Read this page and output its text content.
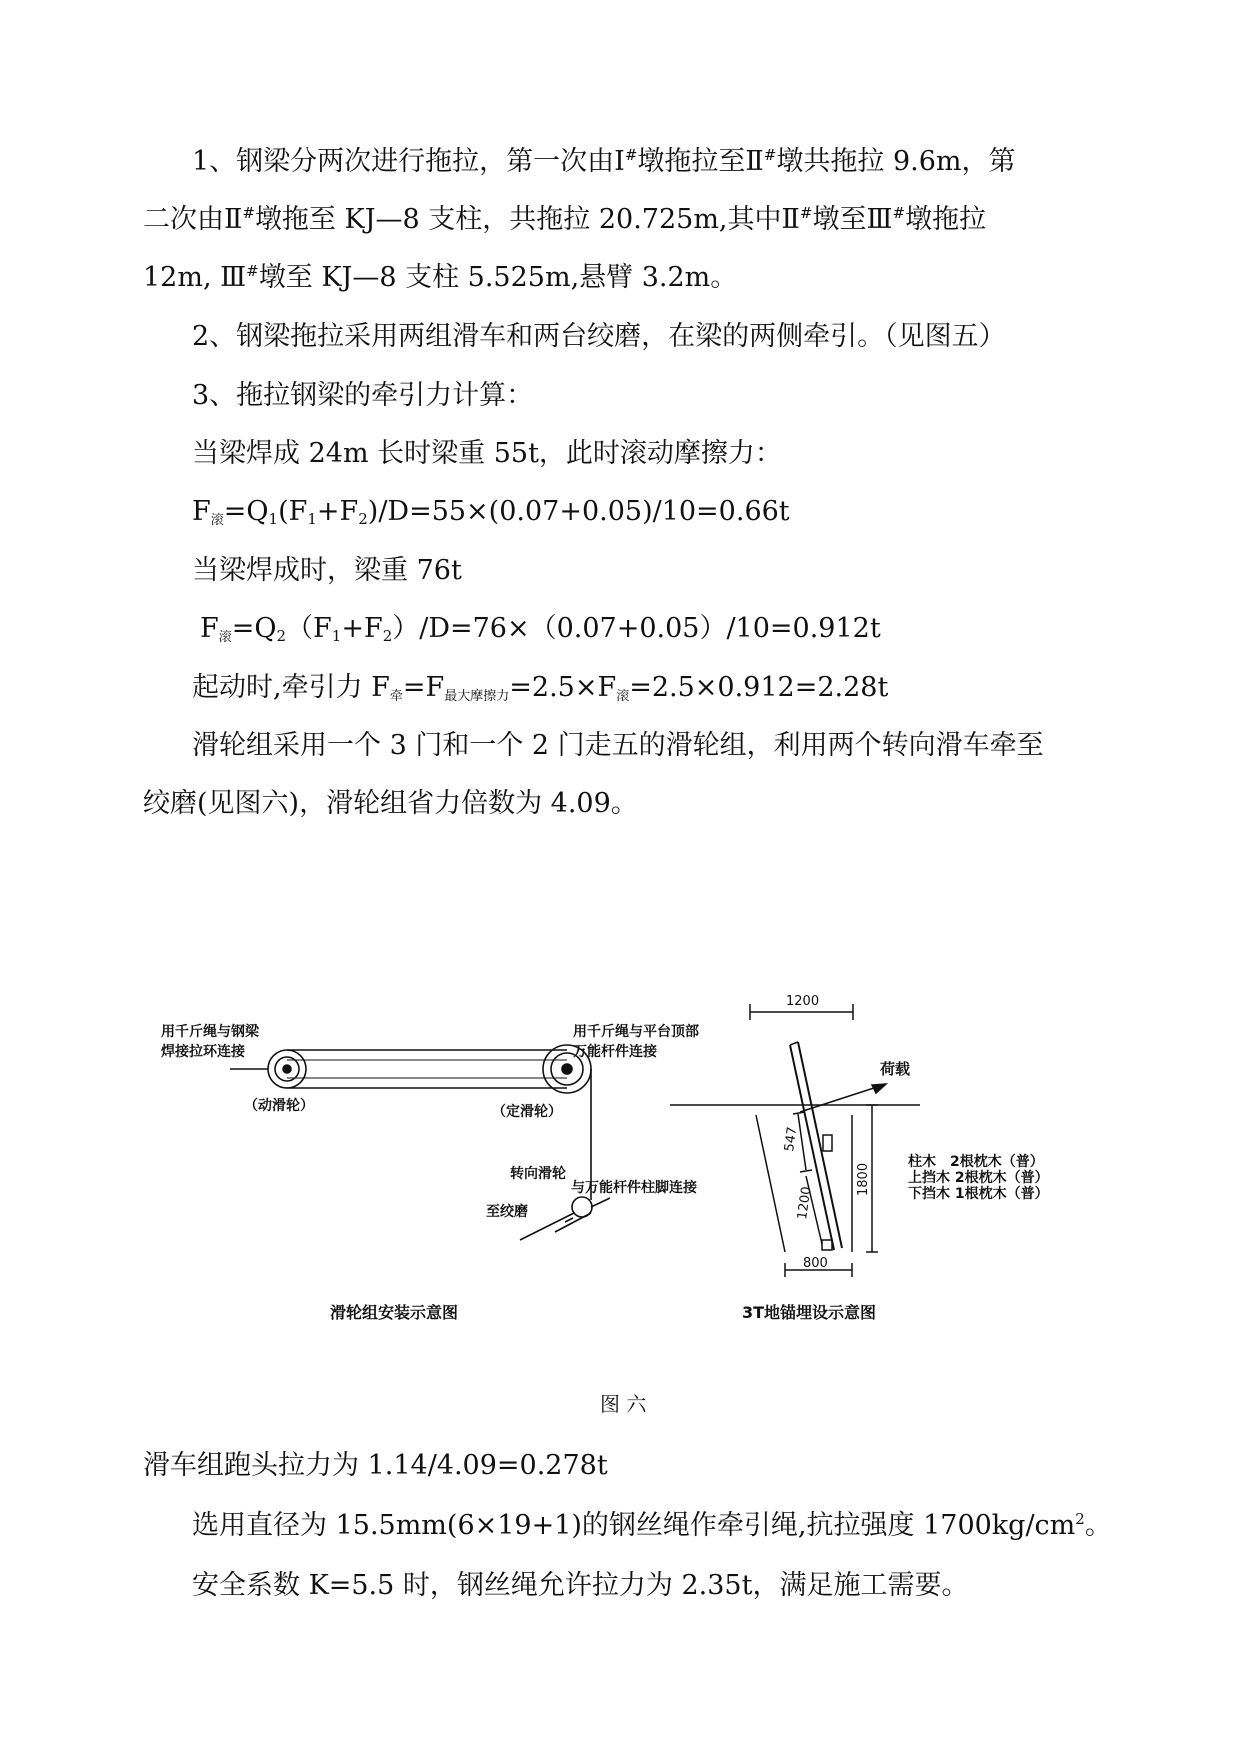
1、钢梁分两次进行拖拉，第一次由Ⅰ#墩拖拉至Ⅱ#墩共拖拉 9.6m，第
二次由Ⅱ#墩拖至 KJ—8 支柱，共拖拉 20.725m,其中Ⅱ#墩至Ⅲ#墩拖拉
12m, Ⅲ#墩至 KJ—8 支柱 5.525m,悬臂 3.2m。
2、钢梁拖拉采用两组滑车和两台绞磨，在梁的两侧牵引。（见图五）
3、拖拉钢梁的牵引力计算：
当梁焊成 24m 长时梁重 55t，此时滚动摩擦力：
F滚$=Q_1(F_1+F_2)/D=55\times(0.07+0.05)/10=0.66t$
当梁焊成时，梁重 76t
F滚$=Q_2(F_1+F_2)/D=76\times(0.07+0.05)/10=0.912t$
起动时,牵引力 F牵=F最大摩擦力=2.5×F滚=2.5×0.912=2.28t
滑轮组采用一个 3 门和一个 2 门走五的滑轮组，利用两个转向滑车牵至
绞磨(见图六)，滑轮组省力倍数为 4.09。
用千斤绳与钢梁
焊接拉环连接
用千斤绳与平台顶部
万能杆件连接
（动滑轮）	（定滑轮）
转向滑轮
至绞磨
与万能杆件柱脚连接
1200
荷载
547
1200
1800
800
柱木　2根枕木（普）
上挡木 2根枕木（普）
下挡木 1根枕木（普）
滑轮组安装示意图	3T地锚埋设示意图
图 六
滑车组跑头拉力为 1.14/4.09=0.278t
选用直径为 15.5mm(6×19+1)的钢丝绳作牵引绳,抗拉强度 $1700kg/cm^2$。
安全系数 K=5.5 时，钢丝绳允许拉力为 2.35t，满足施工需要。
